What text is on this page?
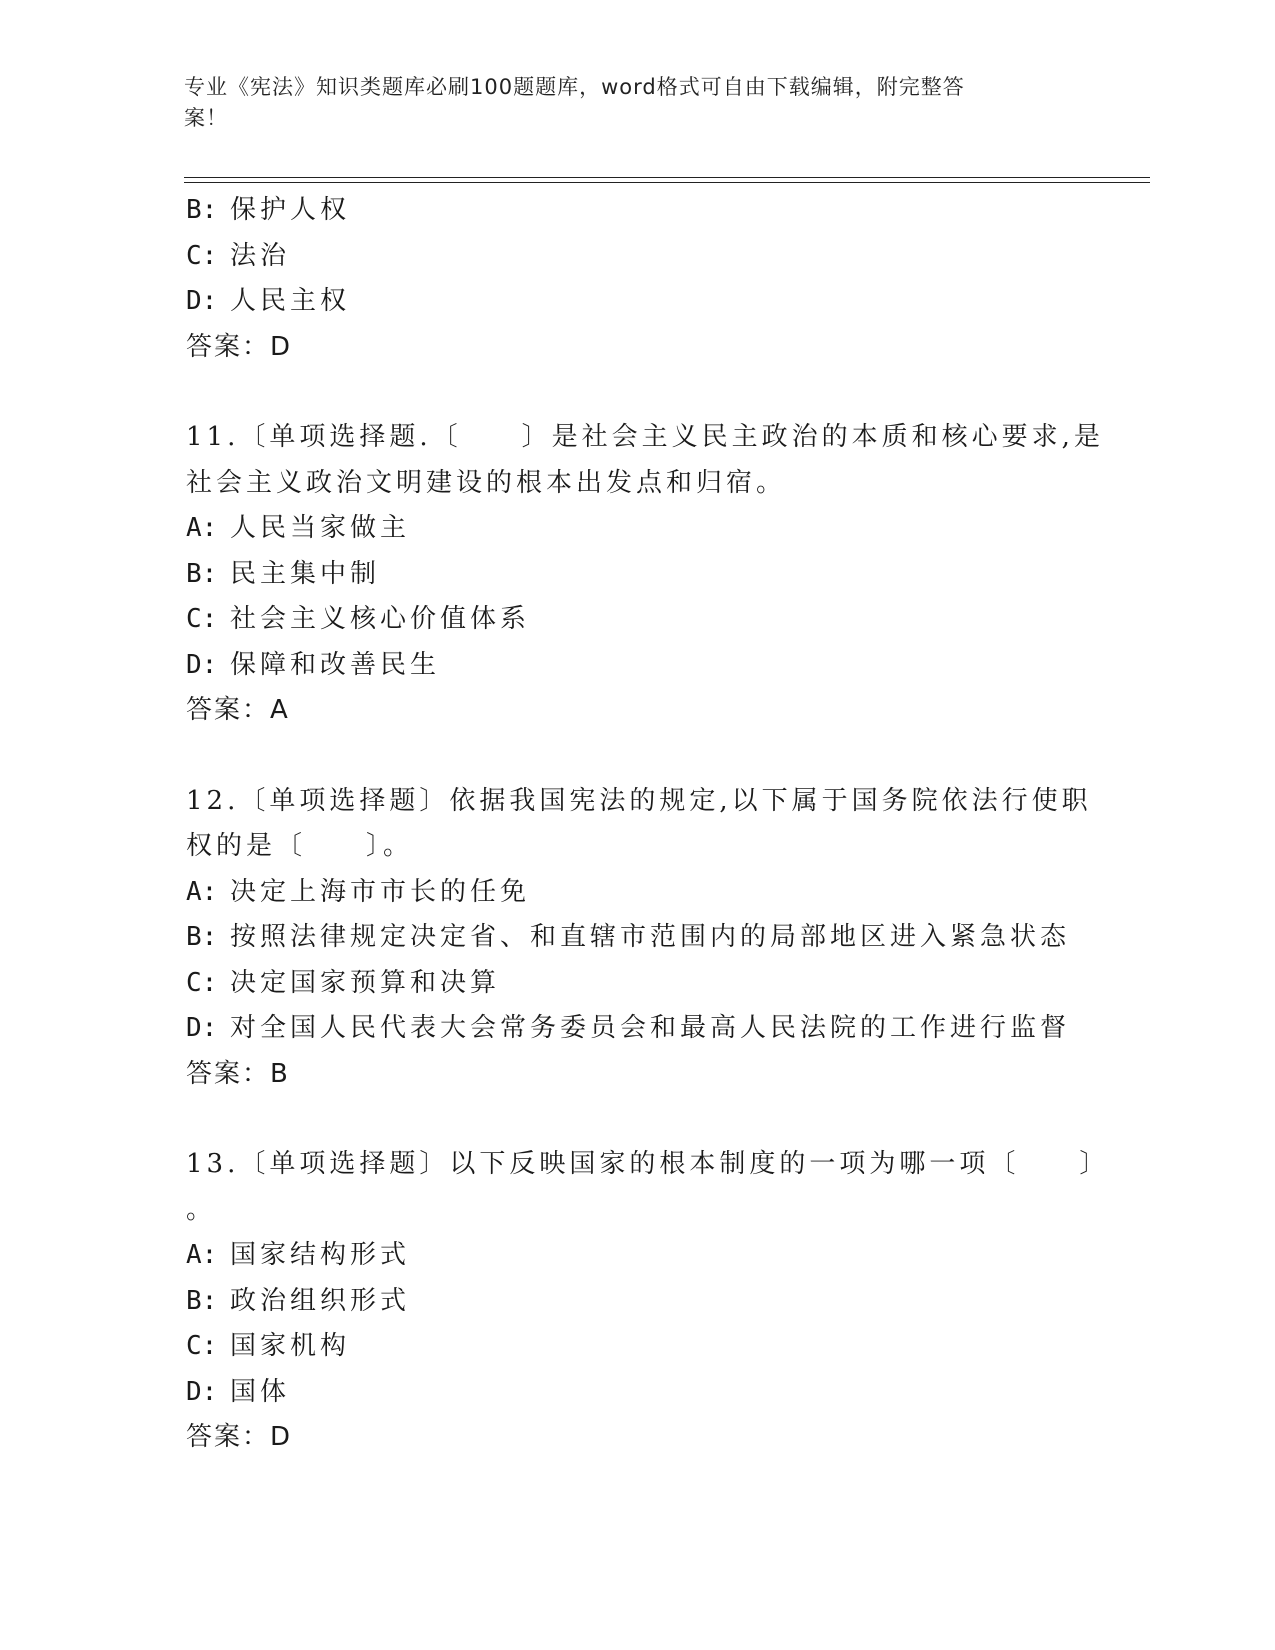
专业《宪法》知识类题库必刷100题题库，word格式可自由下载编辑，附完整答
案！
B: 保护人权
C: 法治
D: 人民主权
答案：D
11.〔单项选择题.〔　　〕是社会主义民主政治的本质和核心要求,是
社会主义政治文明建设的根本出发点和归宿。
A: 人民当家做主
B: 民主集中制
C: 社会主义核心价值体系
D: 保障和改善民生
答案：A
12.〔单项选择题〕依据我国宪法的规定,以下属于国务院依法行使职
权的是〔　　〕。
A: 决定上海市市长的任免
B: 按照法律规定决定省、和直辖市范围内的局部地区进入紧急状态
C: 决定国家预算和决算
D: 对全国人民代表大会常务委员会和最高人民法院的工作进行监督
答案：B
13.〔单项选择题〕以下反映国家的根本制度的一项为哪一项〔　　〕
。
A: 国家结构形式
B: 政治组织形式
C: 国家机构
D: 国体
答案：D
